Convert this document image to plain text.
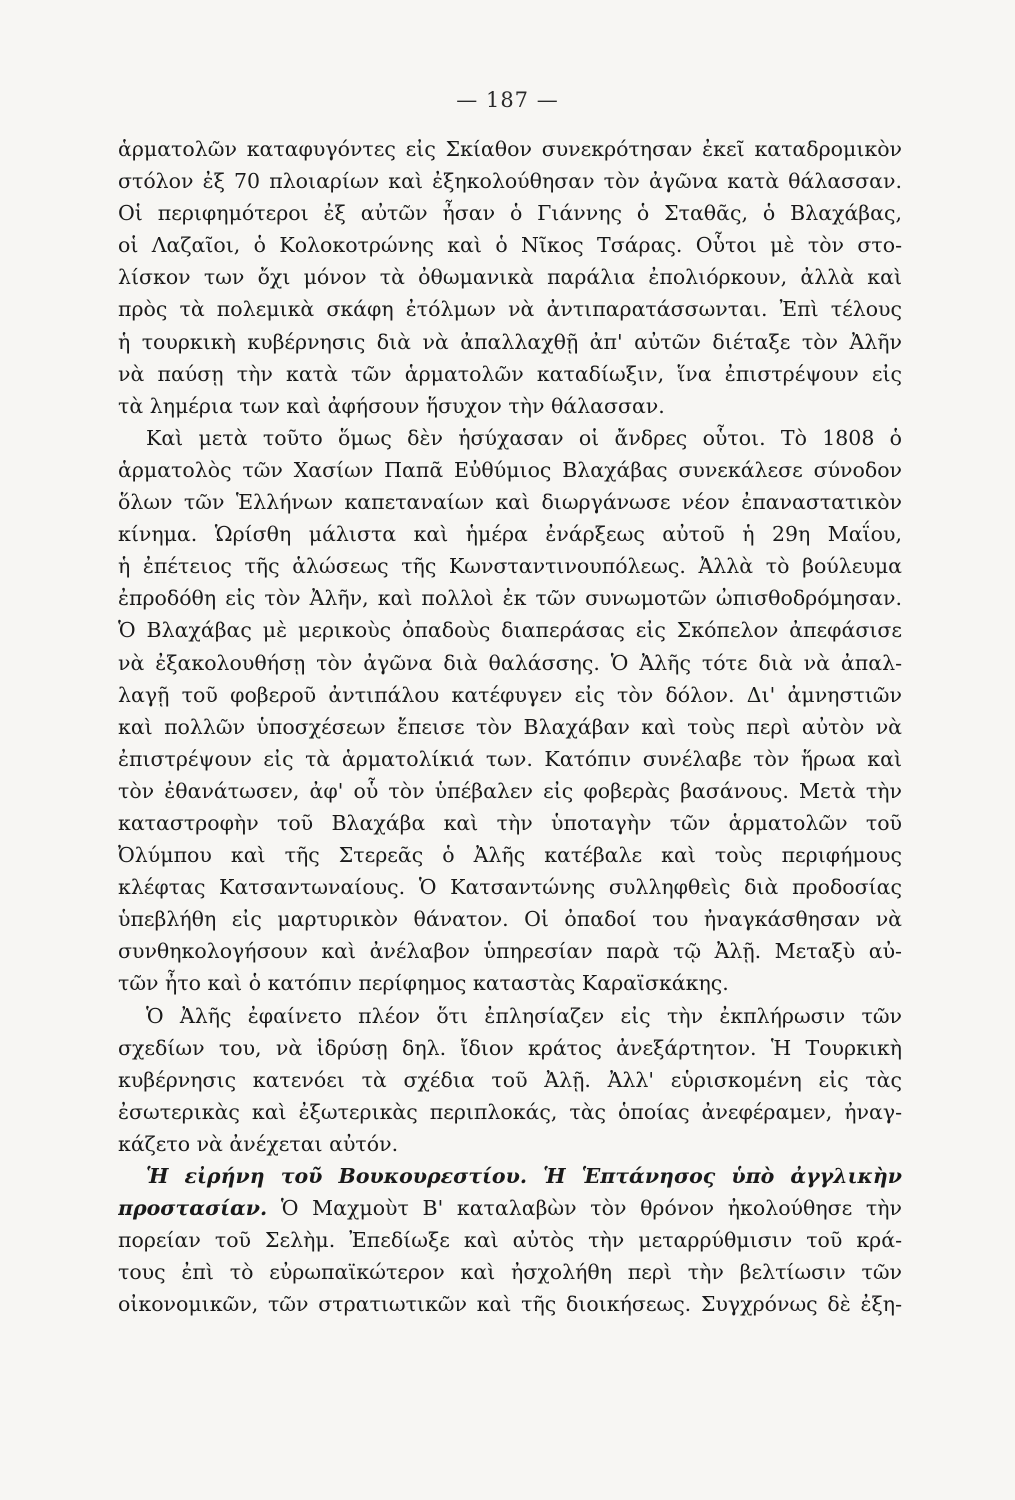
— 187 —
ἁρματολῶν καταφυγόντες εἰς Σκίαθον συνεκρότησαν ἐκεῖ καταδρομικὸν
στόλον ἐξ 70 πλοιαρίων καὶ ἐξηκολούθησαν τὸν ἀγῶνα κατὰ θάλασσαν.
Οἱ περιφημότεροι ἐξ αὐτῶν ἦσαν ὁ Γιάννης ὁ Σταθᾶς, ὁ Βλαχάβας,
οἱ Λαζαῖοι, ὁ Κολοκοτρώνης καὶ ὁ Νῖκος Τσάρας. Οὗτοι μὲ τὸν στο-
λίσκον των ὄχι μόνον τὰ ὀθωμανικὰ παράλια ἐπολιόρκουν, ἀλλὰ καὶ
πρὸς τὰ πολεμικὰ σκάφη ἐτόλμων νὰ ἀντιπαρατάσσωνται. Ἐπὶ τέλους
ἡ τουρκικὴ κυβέρνησις διὰ νὰ ἀπαλλαχθῇ ἀπ' αὐτῶν διέταξε τὸν Ἀλῆν
νὰ παύσῃ τὴν κατὰ τῶν ἁρματολῶν καταδίωξιν, ἵνα ἐπιστρέψουν εἰς
τὰ λημέρια των καὶ ἀφήσουν ἥσυχον τὴν θάλασσαν.
Καὶ μετὰ τοῦτο ὅμως δὲν ἡσύχασαν οἱ ἄνδρες οὗτοι. Τὸ 1808 ὁ
ἁρματολὸς τῶν Χασίων Παπᾶ Εὐθύμιος Βλαχάβας συνεκάλεσε σύνοδον
ὅλων τῶν Ἑλλήνων καπεταναίων καὶ διωργάνωσε νέον ἐπαναστατικὸν
κίνημα. Ὡρίσθη μάλιστα καὶ ἡμέρα ἐνάρξεως αὐτοῦ ἡ 29η Μαΐου,
ἡ ἐπέτειος τῆς ἁλώσεως τῆς Κωνσταντινουπόλεως. Ἀλλὰ τὸ βούλευμα
ἐπροδόθη εἰς τὸν Ἀλῆν, καὶ πολλοὶ ἐκ τῶν συνωμοτῶν ὠπισθοδρόμησαν.
Ὁ Βλαχάβας μὲ μερικοὺς ὀπαδοὺς διαπεράσας εἰς Σκόπελον ἀπεφάσισε
νὰ ἐξακολουθήσῃ τὸν ἀγῶνα διὰ θαλάσσης. Ὁ Ἀλῆς τότε διὰ νὰ ἀπαλ-
λαγῇ τοῦ φοβεροῦ ἀντιπάλου κατέφυγεν εἰς τὸν δόλον. Δι' ἀμνηστιῶν
καὶ πολλῶν ὑποσχέσεων ἔπεισε τὸν Βλαχάβαν καὶ τοὺς περὶ αὐτὸν νὰ
ἐπιστρέψουν εἰς τὰ ἁρματολίκιά των. Κατόπιν συνέλαβε τὸν ἥρωα καὶ
τὸν ἐθανάτωσεν, ἀφ' οὗ τὸν ὑπέβαλεν εἰς φοβερὰς βασάνους. Μετὰ τὴν
καταστροφὴν τοῦ Βλαχάβα καὶ τὴν ὑποταγὴν τῶν ἁρματολῶν τοῦ
Ὀλύμπου καὶ τῆς Στερεᾶς ὁ Ἀλῆς κατέβαλε καὶ τοὺς περιφήμους
κλέφτας Κατσαντωναίους. Ὁ Κατσαντώνης συλληφθεὶς διὰ προδοσίας
ὑπεβλήθη εἰς μαρτυρικὸν θάνατον. Οἱ ὀπαδοί του ἠναγκάσθησαν νὰ
συνθηκολογήσουν καὶ ἀνέλαβον ὑπηρεσίαν παρὰ τῷ Ἀλῇ. Μεταξὺ αὐ-
τῶν ἦτο καὶ ὁ κατόπιν περίφημος καταστὰς Καραϊσκάκης.
Ὁ Ἀλῆς ἐφαίνετο πλέον ὅτι ἐπλησίαζεν εἰς τὴν ἐκπλήρωσιν τῶν
σχεδίων του, νὰ ἱδρύσῃ δηλ. ἴδιον κράτος ἀνεξάρτητον. Ἡ Τουρκικὴ
κυβέρνησις κατενόει τὰ σχέδια τοῦ Ἀλῇ. Ἀλλ' εὑρισκομένη εἰς τὰς
ἐσωτερικὰς καὶ ἐξωτερικὰς περιπλοκάς, τὰς ὁποίας ἀνεφέραμεν, ἠναγ-
κάζετο νὰ ἀνέχεται αὐτόν.
Ἡ εἰρήνη τοῦ Βουκουρεστίου. Ἡ Ἑπτάνησος ὑπὸ ἀγγλικὴν
προστασίαν. Ὁ Μαχμοὺτ Β' καταλαβὼν τὸν θρόνον ἠκολούθησε τὴν
πορείαν τοῦ Σελὴμ. Ἐπεδίωξε καὶ αὐτὸς τὴν μεταρρύθμισιν τοῦ κρά-
τους ἐπὶ τὸ εὐρωπαϊκώτερον καὶ ἠσχολήθη περὶ τὴν βελτίωσιν τῶν
οἰκονομικῶν, τῶν στρατιωτικῶν καὶ τῆς διοικήσεως. Συγχρόνως δὲ ἐξη-
